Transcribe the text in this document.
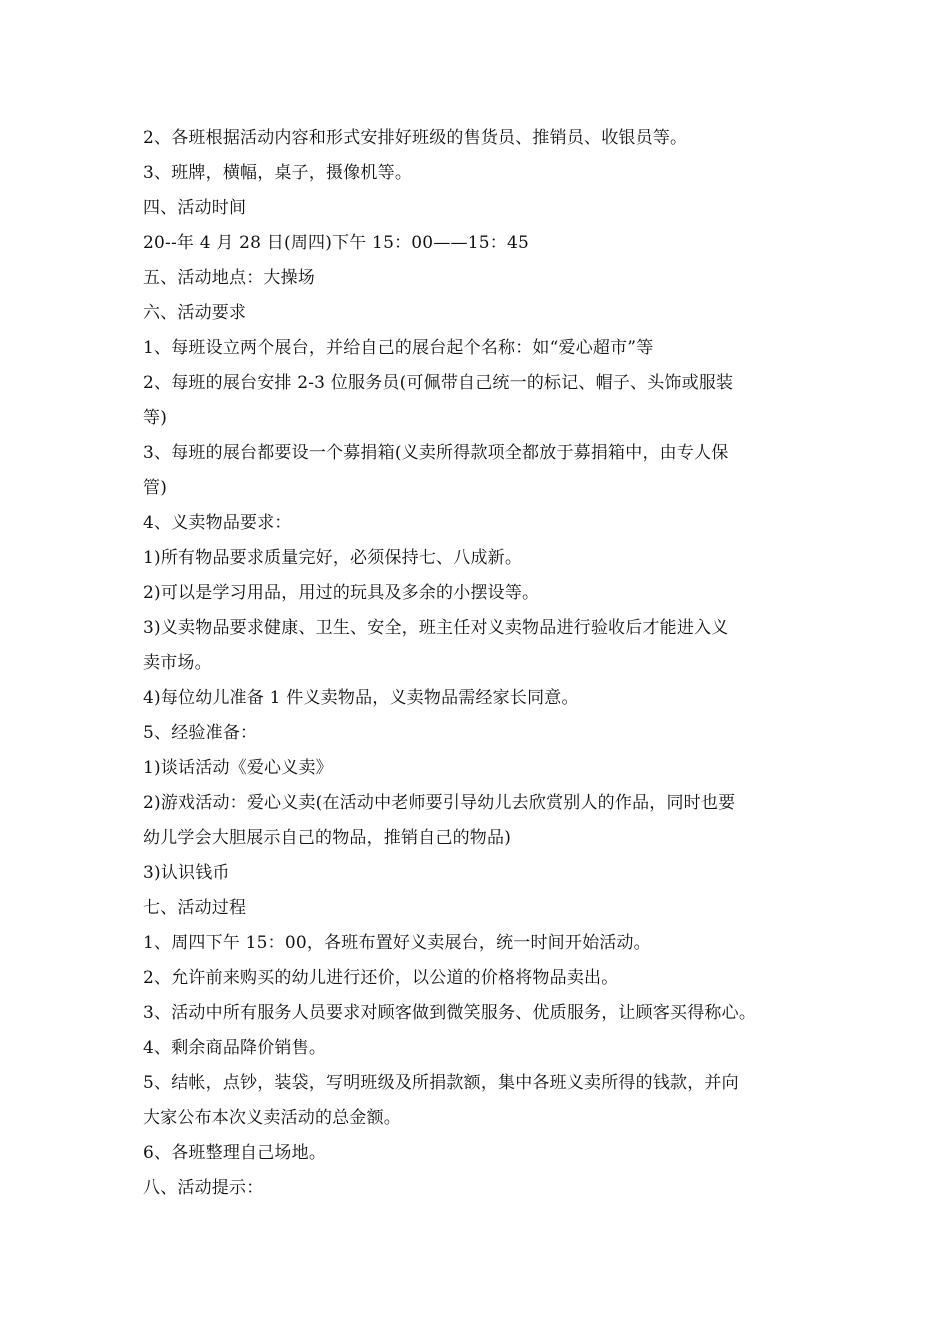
2、各班根据活动内容和形式安排好班级的售货员、推销员、收银员等。
3、班牌，横幅，桌子，摄像机等。
四、活动时间
20--年 4 月 28 日(周四)下午 15：00——15：45
五、活动地点：大操场
六、活动要求
1、每班设立两个展台，并给自己的展台起个名称：如“爱心超市”等
2、每班的展台安排 2-3 位服务员(可佩带自己统一的标记、帽子、头饰或服装
等)
3、每班的展台都要设一个募捐箱(义卖所得款项全都放于募捐箱中，由专人保
管)
4、义卖物品要求：
1)所有物品要求质量完好，必须保持七、八成新。
2)可以是学习用品，用过的玩具及多余的小摆设等。
3)义卖物品要求健康、卫生、安全，班主任对义卖物品进行验收后才能进入义
卖市场。
4)每位幼儿准备 1 件义卖物品，义卖物品需经家长同意。
5、经验准备：
1)谈话活动《爱心义卖》
2)游戏活动：爱心义卖(在活动中老师要引导幼儿去欣赏别人的作品，同时也要
幼儿学会大胆展示自己的物品，推销自己的物品)
3)认识钱币
七、活动过程
1、周四下午 15：00，各班布置好义卖展台，统一时间开始活动。
2、允许前来购买的幼儿进行还价，以公道的价格将物品卖出。
3、活动中所有服务人员要求对顾客做到微笑服务、优质服务，让顾客买得称心。
4、剩余商品降价销售。
5、结帐，点钞，装袋，写明班级及所捐款额，集中各班义卖所得的钱款，并向
大家公布本次义卖活动的总金额。
6、各班整理自己场地。
八、活动提示：
